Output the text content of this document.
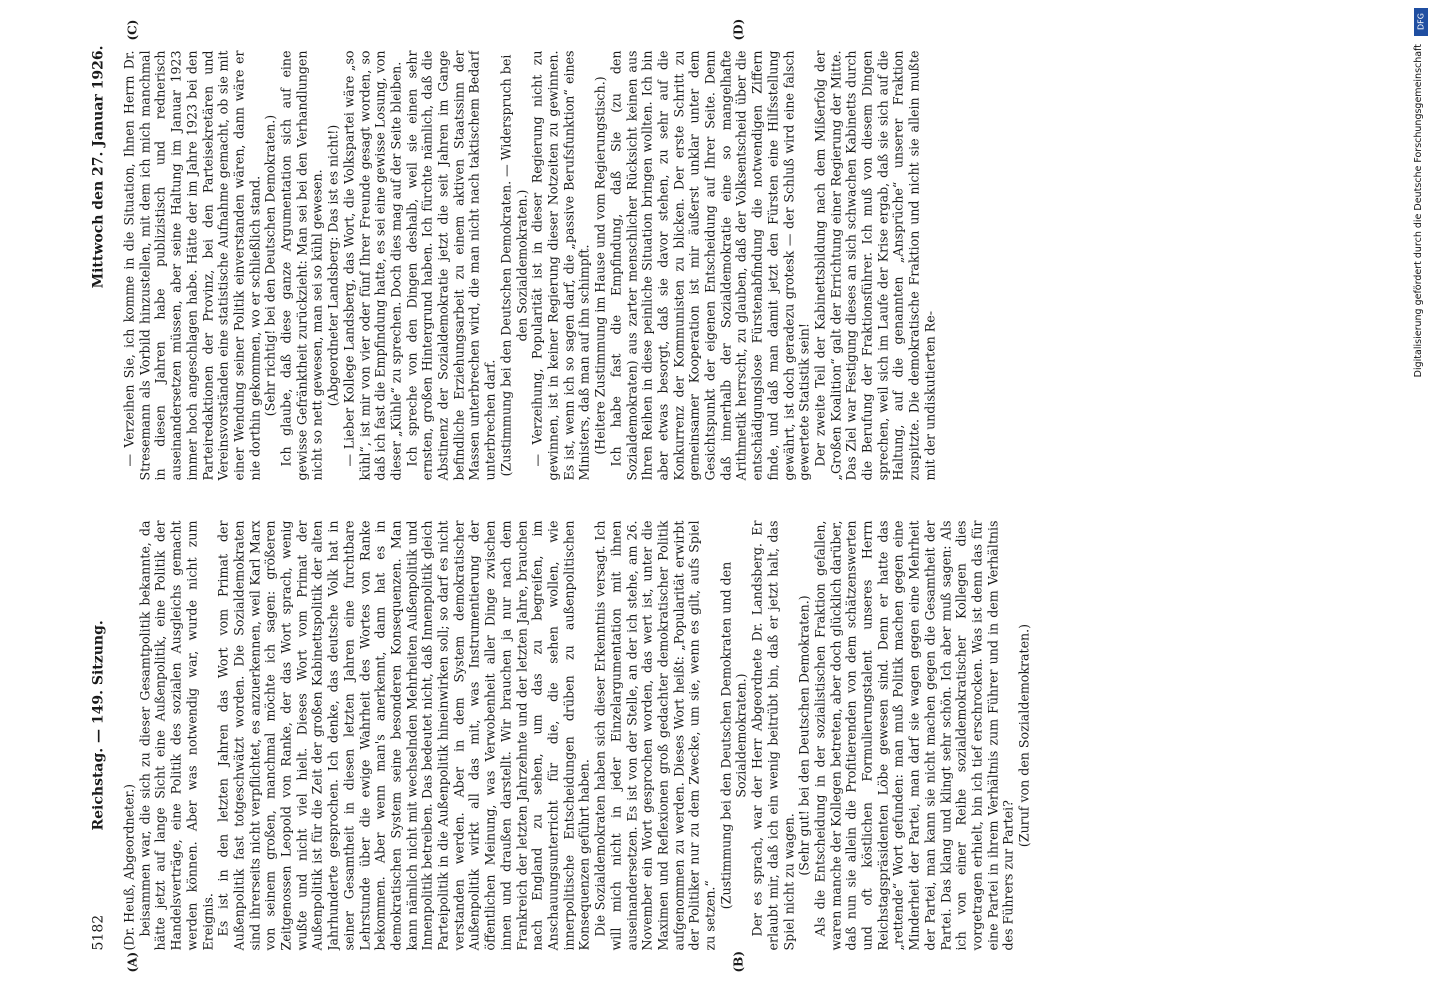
5182
Reichstag. — 149. Sitzung.
Mittwoch den 27. Januar 1926.
(A)	(B)
(C)	(D)

(Dr. Heuß, Abgeordneter.) beisammen war, die sich zu dieser Gesamtpolitik bekannte, da hätte jetzt auf lange Sicht eine Außenpolitik, eine Politik der Handelsverträge, eine Politik des sozialen Ausgleichs gemacht werden können. Aber was notwendig war, wurde nicht zum Ereignis. Es ist in den letzten Jahren das Wort vom Primat der Außenpolitik fast totgeschwätzt worden. Die Sozialdemokraten sind ihrerseits nicht verpflichtet, es anzuerkennen, weil Karl Marx von seinem großen, manchmal möchte ich sagen: größeren Zeitgenossen Leopold von Ranke, der das Wort sprach, wenig wußte und nicht viel hielt. Dieses Wort vom Primat der Außenpolitik ist für die Zeit der großen Kabinettspolitik der alten Jahrhunderte gesprochen. Ich denke, das deutsche Volk hat in seiner Gesamtheit in diesen letzten Jahren eine furchtbare Lehrstunde über die ewige Wahrheit des Wortes von Ranke bekommen. Aber wenn man's anerkennt, dann hat es in demokratischen System seine besonderen Konsequenzen. Man kann nämlich nicht mit wechselnden Mehrheiten Außenpolitik und Innenpolitik betreiben. Das bedeutet nicht, daß Innenpolitik gleich Parteipolitik in die Außenpolitik hineinwirken soll; so darf es nicht verstanden werden. Aber in dem System demokratischer Außenpolitik wirkt all das mit, was Instrumentierung der öffentlichen Meinung, was Verwobenheit aller Dinge zwischen innen und draußen darstellt. Wir brauchen ja nur nach dem Frankreich der letzten Jahrzehnte und der letzten Jahre, brauchen nach England zu sehen, um das zu begreifen, im Anschauungsunterricht für die, die sehen wollen, wie innerpolitische Entscheidungen drüben zu außenpolitischen Konsequenzen geführt haben. Die Sozialdemokraten haben sich dieser Erkenntnis versagt. Ich will mich nicht in jeder Einzelargumentation mit ihnen auseinandersetzen. Es ist von der Stelle, an der ich stehe, am 26. November ein Wort gesprochen worden, das wert ist, unter die Maximen und Reflexionen groß gedachter demokratischer Politik aufgenommen zu werden. Dieses Wort heißt: „Popularität erwirbt der Politiker nur zu dem Zwecke, um sie, wenn es gilt, aufs Spiel zu setzen.“

(Zustimmung bei den Deutschen Demokraten und den Sozialdemokraten.) Der es sprach, war der Herr Abgeordnete Dr. Landsberg. Er erlaubt mir, daß ich ein wenig beitrübt bin, daß er jetzt halt, das Spiel nicht zu wagen.

(Sehr gut! bei den Deutschen Demokraten.) Als die Entscheidung in der sozialistischen Fraktion gefallen, waren manche der Kollegen betreten, aber doch glücklich darüber, daß nun sie allein die Profitierenden von dem schätzenswerten und oft köstlichen Formulierungstalent unseres Herrn Reichstagspräsidenten Löbe gewesen sind. Denn er hatte das „rettende“ Wort gefunden: man muß Politik machen gegen eine Minderheit der Partei, man darf sie wagen gegen eine Mehrheit der Partei, man kann sie nicht machen gegen die Gesamtheit der Partei. Das klang und klingt sehr schön. Ich aber muß sagen: Als ich von einer Reihe sozialdemokratischer Kollegen dies vorgetragen erhielt, bin ich tief erschrocken. Was ist denn das für eine Partei in ihrem Verhältnis zum Führer und in dem Verhältnis des Führers zur Partei?

(Zuruf von den Sozialdemokraten.)

— Verzeihen Sie, ich komme in die Situation, Ihnen Herrn Dr. Stresemann als Vorbild hinzustellen, mit dem ich mich manchmal in diesen Jahren habe publizistisch und rednerisch auseinandersetzen müssen, aber seine Haltung im Januar 1923 immer hoch angeschlagen habe. Hätte der im Jahre 1923 bei den Parteiredaktionen der Provinz, bei den Parteisekretären und Vereinsvorständen eine statistische Aufnahme gemacht, ob sie mit einer Wendung seiner Politik einverstanden wären, dann wäre er nie dorthin gekommen, wo er schließlich stand. (Sehr richtig! bei den Deutschen Demokraten.) Ich glaube, daß diese ganze Argumentation sich auf eine gewisse Gefränktheit zurückzieht: Man sei bei den Verhandlungen nicht so nett gewesen, man sei so kühl gewesen. (Abgeordneter Landsberg: Das ist es nicht!) — Lieber Kollege Landsberg, das Wort, die Volkspartei wäre „so kühl“, ist mir von vier oder fünf Ihrer Freunde gesagt worden, so daß ich fast die Empfindung hatte, es sei eine gewisse Losung, von dieser „Kühle“ zu sprechen. Doch dies mag auf der Seite bleiben. Ich spreche von den Dingen deshalb, weil sie einen sehr ernsten, großen Hintergrund haben. Ich fürchte nämlich, daß die Abstinenz der Sozialdemokratie jetzt die seit Jahren im Gange befindliche Erziehungsarbeit zu einem aktiven Staatssinn der Massen unterbrechen wird, die man nicht nach taktischem Bedarf unterbrechen darf. (Zustimmung bei den Deutschen Demokraten. — Widerspruch bei den Sozialdemokraten.) — Verzeihung, Popularität ist in dieser Regierung nicht zu gewinnen, ist in keiner Regierung dieser Notzeiten zu gewinnen. Es ist, wenn ich so sagen darf, die „passive Berufsfunktion“ eines Ministers, daß man auf ihn schimpft. (Heitere Zustimmung im Hause und vom Regierungstisch.) Ich habe fast die Empfindung, daß Sie (zu den Sozialdemokraten) aus zarter menschlicher Rücksicht keinen aus Ihren Reihen in diese peinliche Situation bringen wollten. Ich bin aber etwas besorgt, daß sie davor stehen, zu sehr auf die Konkurrenz der Kommunisten zu blicken. Der erste Schritt zu gemeinsamer Kooperation ist mir äußerst unklar unter dem Gesichtspunkt der eigenen Entscheidung auf Ihrer Seite. Denn daß innerhalb der Sozialdemokratie eine so mangelhafte Arithmetik herrscht, zu glauben, daß der Volksentscheid über die entschädigungslose Fürstenabfindung die notwendigen Ziffern finde, und daß man damit jetzt den Fürsten eine Hilfsstellung gewährt, ist doch geradezu grotesk — der Schluß wird eine falsch gewertete Statistik sein! Der zweite Teil der Kabinettsbildung nach dem Mißerfolg der „Großen Koalition“ galt der Errichtung einer Regierung der Mitte. Das Ziel war Festigung dieses an sich schwachen Kabinetts durch die Berufung der Fraktionsführer. Ich muß von diesem Dingen sprechen, weil sich im Laufe der Krise ergab, daß sie sich auf die Haltung, auf die genannten „Ansprüche“ unserer Fraktion zuspitzte. Die demokratische Fraktion und nicht sie allein mußte mit der undiskutierten Re-

DFG
Digitalisierung gefördert durch die Deutsche Forschungsgemeinschaft
